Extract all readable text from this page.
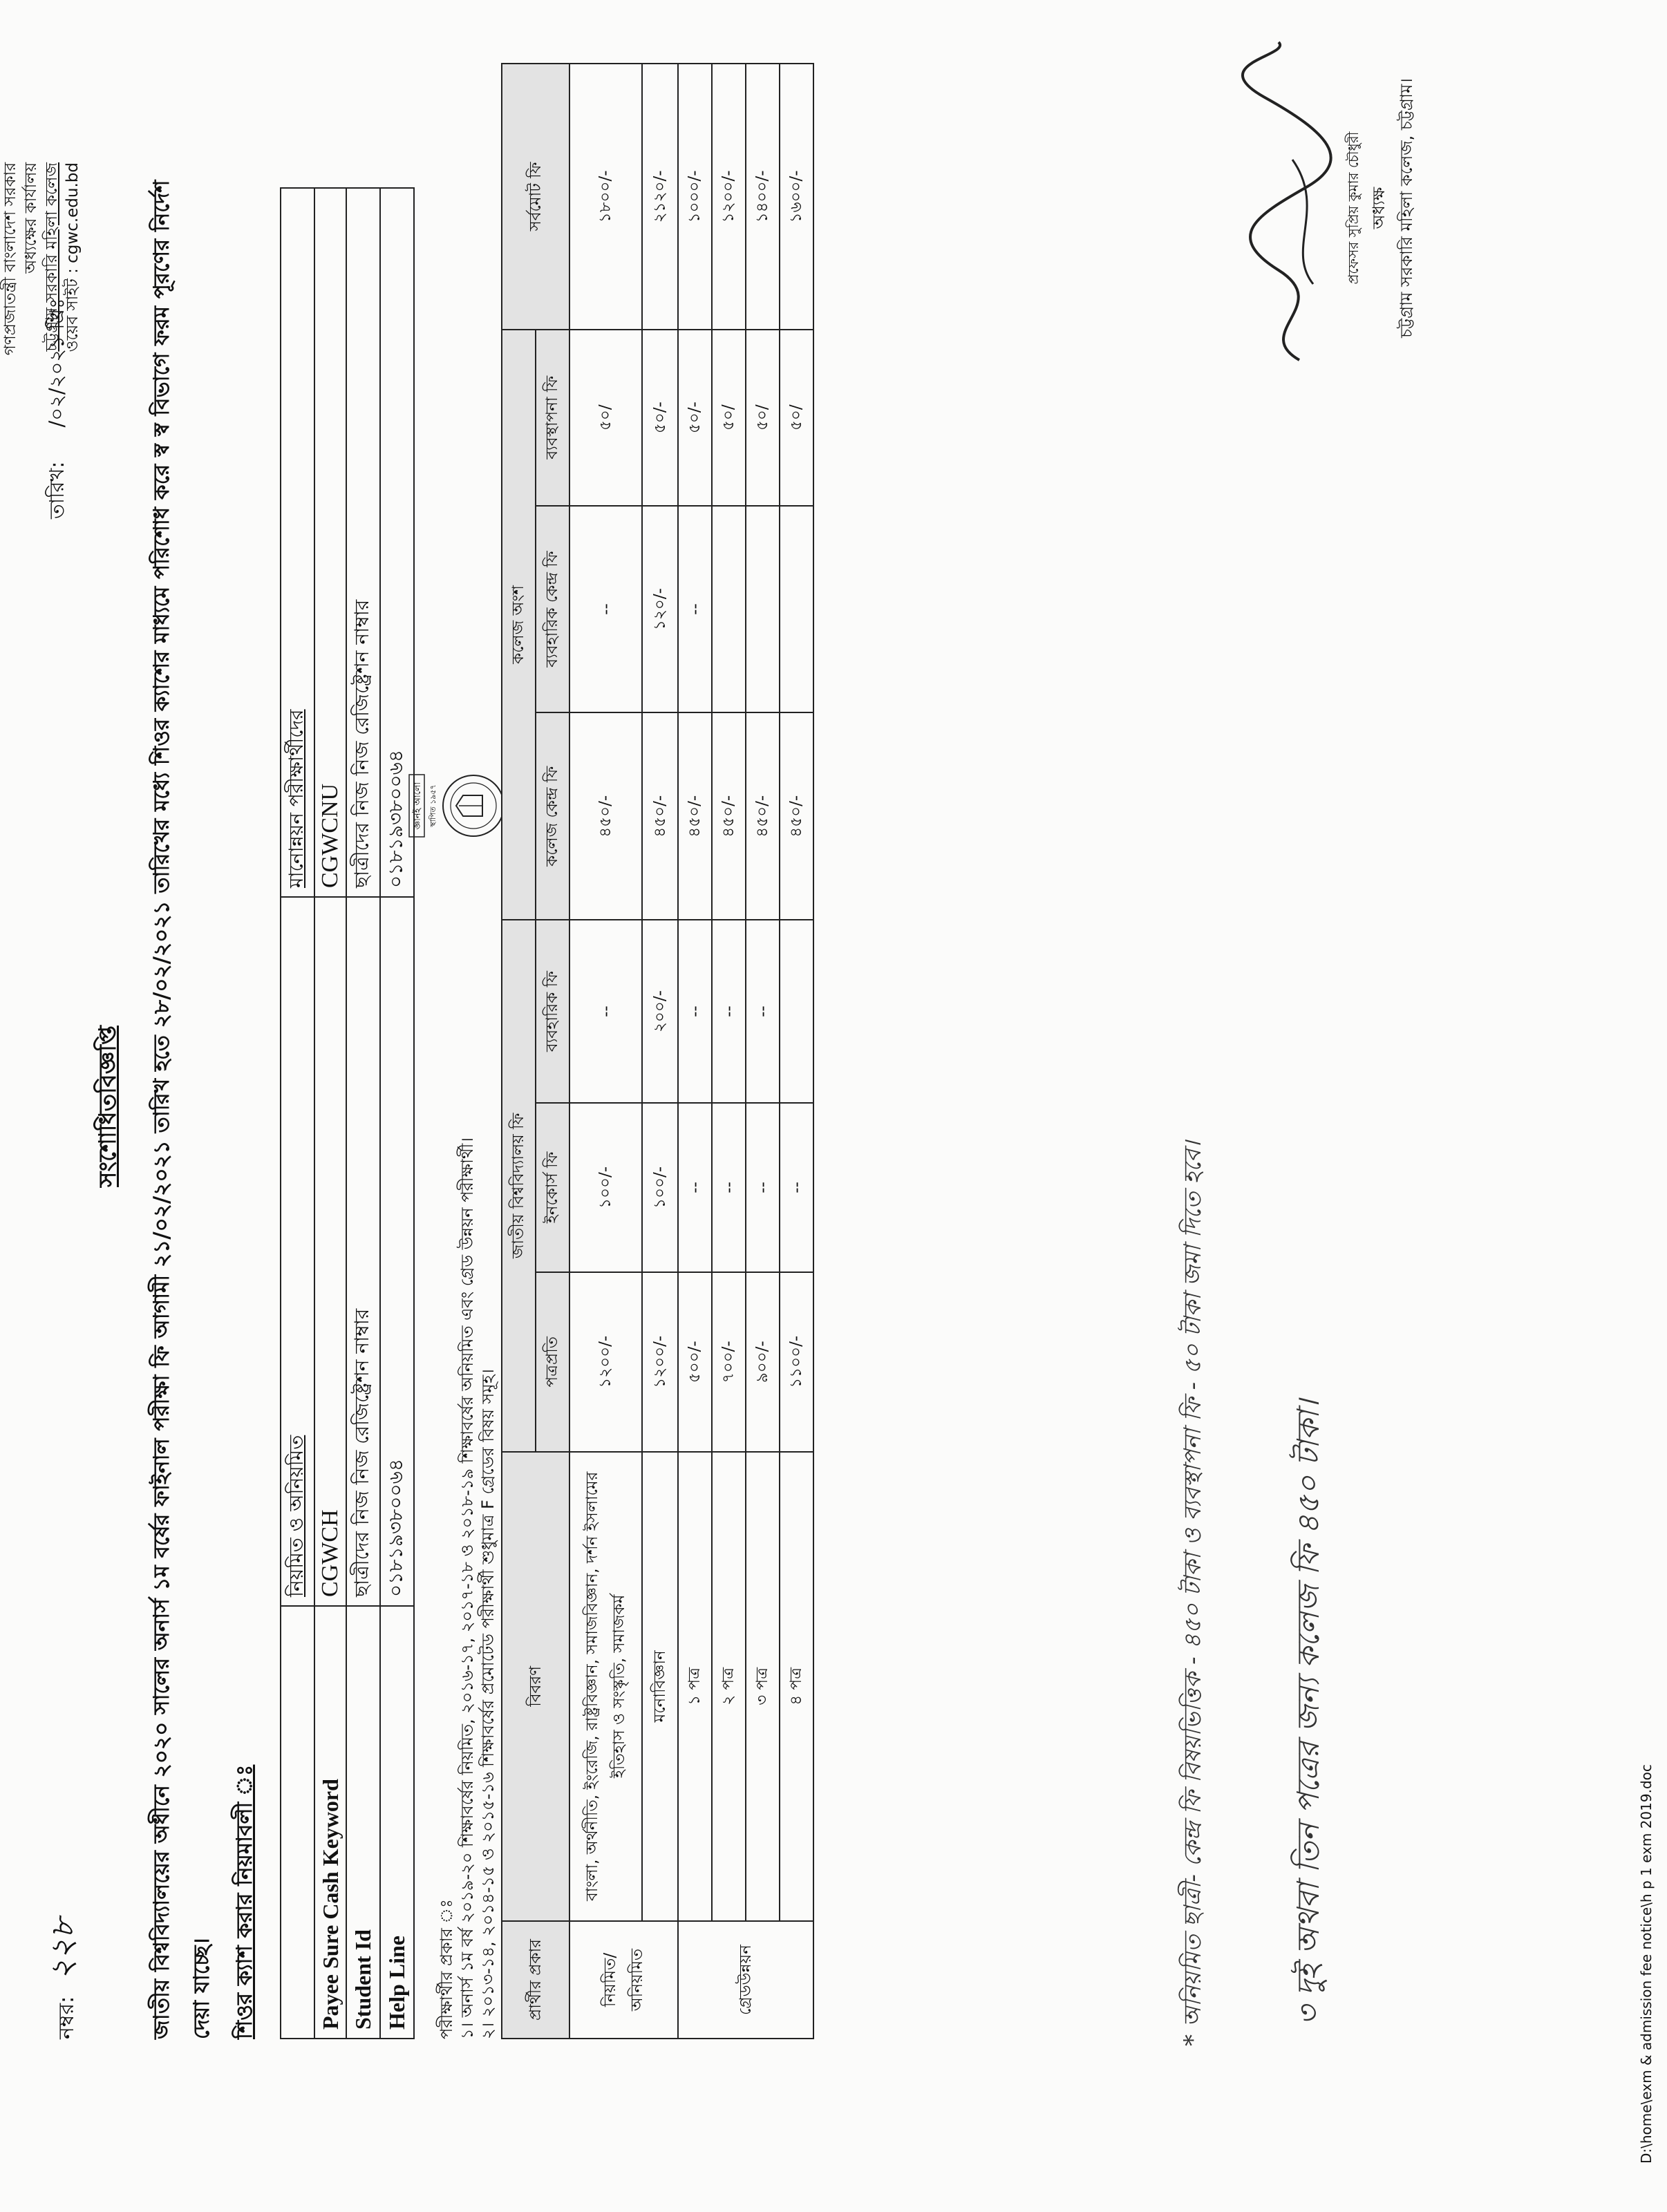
গণপ্রজাতন্ত্রী বাংলাদেশ সরকার অধ্যক্ষের কার্যালয় চট্টগ্রাম সরকারি মহিলা কলেজ ওয়েব সাইট : cgwc.edu.bd
নম্বর: ২২৮
তারিখ: /০২/২০২১ খ্রিঃ
জ্ঞানই আলো স্থাপিত ১৯৫৭
সংশোধিতবিজ্ঞপ্তি	জাতীয় বিশ্ববিদ্যালয়ের অধীনে ২০২০ সালের অনার্স ১ম বর্ষের ফাইনাল পরীক্ষা ফি আগামী ২১/০২/২০২১ তারিখ হতে ২৮/০২/২০২১ তারিখের মধ্যে শিওর ক্যাশের মাধ্যমে পরিশোধ করে স্ব স্ব বিভাগে ফরম পূরণের নির্দেশ দেয়া যাচ্ছে। শিওর ক্যাশ করার নিয়মাবলী ঃ
	নিয়মিত ও অনিয়মিত	মানোন্নয়ন পরীক্ষার্থীদের
Payee Sure Cash Keyword	CGWCH	CGWCNU
Student Id	ছাত্রীদের নিজ নিজ রেজিষ্ট্রেশন নাম্বার	ছাত্রীদের নিজ নিজ রেজিষ্ট্রেশন নাম্বার
Help Line	০১৮১৯৩৮০০৬৪	০১৮১৯৩৮০০৬৪
পরীক্ষার্থীর প্রকার ঃ ১। অনার্স ১ম বর্ষ ২০১৯-২০ শিক্ষাবর্ষের নিয়মিত, ২০১৬-১৭, ২০১৭-১৮ ও ২০১৮-১৯ শিক্ষাবর্ষের অনিয়মিত এবং গ্রেড উন্নয়ন পরীক্ষার্থী। ২। ২০১৩-১৪, ২০১৪-১৫ ও ২০১৫-১৬ শিক্ষাবর্ষের প্রমোটেড পরীক্ষার্থী শুধুমাত্র F গ্রেডের বিষয় সমূহ।	প্রার্থীর প্রকার	বিবরণ	জাতীয় বিশ্ববিদ্যালয় ফি			কলেজ অংশ			সর্বমোট ফি
		পত্রপ্রতি	ইনকোর্স ফি	ব্যবহারিক ফি	কলেজ কেন্দ্র ফি	ব্যবহারিক কেন্দ্র ফি	ব্যবস্থাপনা ফি	
নিয়মিত/ অনিয়মিত	বাংলা, অর্থনীতি, ইংরেজি, রাষ্ট্রবিজ্ঞান, সমাজবিজ্ঞান, দর্শন ইসলামের ইতিহাস ও সংস্কৃতি, সমাজকর্ম	১২০০/-	১০০/-	--	৪৫০/-	--	৫০/	১৮০০/-
	মনোবিজ্ঞান	১২০০/-	১০০/-	২০০/-	৪৫০/-	১২০/-	৫০/-	২১২০/-
গ্রেডউন্নয়ন	১ পত্র	৫০০/-	--	--	৪৫০/-	--	৫০/-	১০০০/-
	২ পত্র	৭০০/-	--	--	৪৫০/-		৫০/	১২০০/-
	৩ পত্র	৯০০/-	--	--	৪৫০/-		৫০/	১৪০০/-
	৪ পত্র	১১০০/-	--		৪৫০/-		৫০/	১৬০০/-
* অনিয়মিত ছাত্রী- কেন্দ্র ফি বিষয়ভিত্তিক - ৪৫০ টাকা ও ব্যবস্থাপনা ফি - ৫০ টাকা জমা দিতে হবে।	৩ দুই অথবা তিন পত্রের জন্য কলেজ ফি ৪৫০ টাকা।
প্রফেসর সুপ্রিয় কুমার চৌধুরী অধ্যক্ষ চট্টগ্রাম সরকারি মহিলা কলেজ, চট্টগ্রাম।
D:\home\exm & admission fee notice\h p 1 exm 2019.doc
